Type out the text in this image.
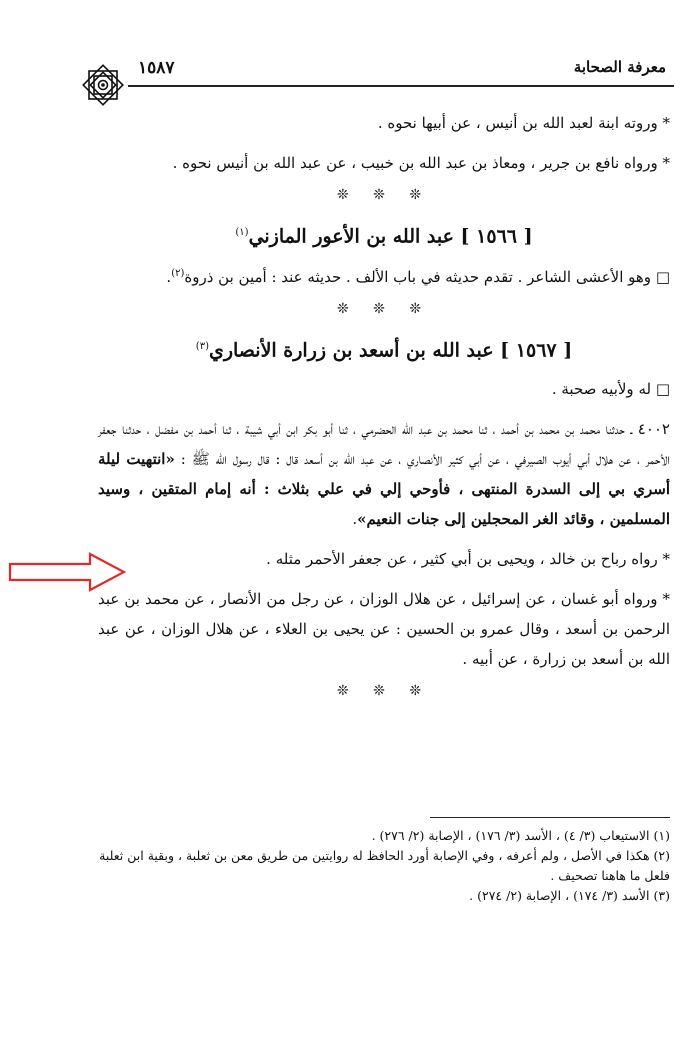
معرفة الصحابة
١٥٨٧

* وروته ابنة لعبد الله بن أنيس ، عن أبيها نحوه .

* ورواه نافع بن جرير ، ومعاذ بن عبد الله بن خبيب ، عن عبد الله بن أنيس نحوه .

❊ ❊ ❊
[ ١٥٦٦ ] عبد الله بن الأعور المازني$^{(١)}$

□ وهو الأعشى الشاعر . تقدم حديثه في باب الألف . حديثه عند : أمين بن ذروة$^{(٢)}$.

❊ ❊ ❊
[ ١٥٦٧ ] عبد الله بن أسعد بن زرارة الأنصاري$^{(٣)}$

□ له ولأبيه صحبة .

٤٠٠٢ ـ حدثنا محمد بن محمد بن أحمد ، ثنا محمد بن عبد الله الحضرمي ، ثنا أبو بكر ابن أبي شيبة ، ثنا أحمد بن مفضل ، حدثنا جعفر الأحمر ، عن هلال أبي أيوب الصيرفي ، عن أبي كثير الأنصاري ، عن عبد الله بن أسعد قال : قال رسول الله ﷺ : «انتهيت ليلة أسري بي إلى السدرة المنتهى ، فأوحي إلي في علي بثلاث : أنه إمام المتقين ، وسيد المسلمين ، وقائد الغر المحجلين إلى جنات النعيم».

* رواه رباح بن خالد ، ويحيى بن أبي كثير ، عن جعفر الأحمر مثله .

* ورواه أبو غسان ، عن إسرائيل ، عن هلال الوزان ، عن رجل من الأنصار ، عن محمد بن عبد الرحمن بن أسعد ، وقال عمرو بن الحسين : عن يحيى بن العلاء ، عن هلال الوزان ، عن عبد الله بن أسعد بن زرارة ، عن أبيه .

❊ ❊ ❊

(١) الاستيعاب (٣/ ٤) ، الأسد (٣/ ١٧٦) ، الإصابة (٢/ ٢٧٦) .

(٢) هكذا في الأصل ، ولم أعرفه ، وفي الإصابة أورد الحافظ له روايتين من طريق معن بن ثعلبة ، وبقية ابن ثعلبة فلعل ما هاهنا تصحيف .

(٣) الأسد (٣/ ١٧٤) ، الإصابة (٢/ ٢٧٤) .
